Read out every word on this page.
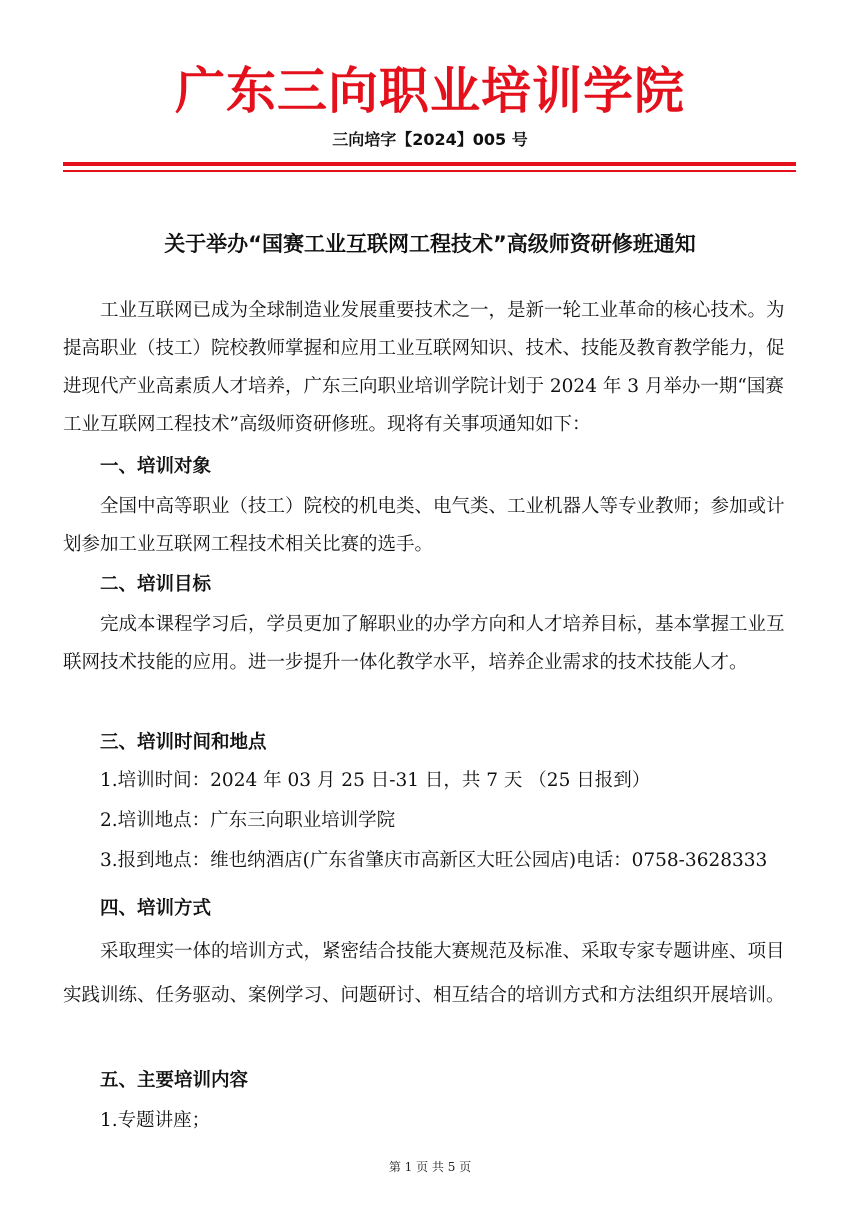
广东三向职业培训学院
三向培字【2024】005 号
关于举办“国赛工业互联网工程技术”高级师资研修班通知

工业互联网已成为全球制造业发展重要技术之一，是新一轮工业革命的核心技术。为提高职业（技工）院校教师掌握和应用工业互联网知识、技术、技能及教育教学能力，促进现代产业高素质人才培养，广东三向职业培训学院计划于 2024 年 3 月举办一期“国赛工业互联网工程技术”高级师资研修班。现将有关事项通知如下：

一、培训对象

全国中高等职业（技工）院校的机电类、电气类、工业机器人等专业教师；参加或计划参加工业互联网工程技术相关比赛的选手。

二、培训目标

完成本课程学习后，学员更加了解职业的办学方向和人才培养目标，基本掌握工业互联网技术技能的应用。进一步提升一体化教学水平，培养企业需求的技术技能人才。

三、培训时间和地点
1.培训时间：2024 年 03 月 25 日-31 日，共 7 天 （25 日报到）
2.培训地点：广东三向职业培训学院
3.报到地点：维也纳酒店(广东省肇庆市高新区大旺公园店)电话：0758-3628333
四、培训方式

采取理实一体的培训方式，紧密结合技能大赛规范及标准、采取专家专题讲座、项目实践训练、任务驱动、案例学习、问题研讨、相互结合的培训方式和方法组织开展培训。

五、主要培训内容
1.专题讲座；
第 1 页 共 5 页
